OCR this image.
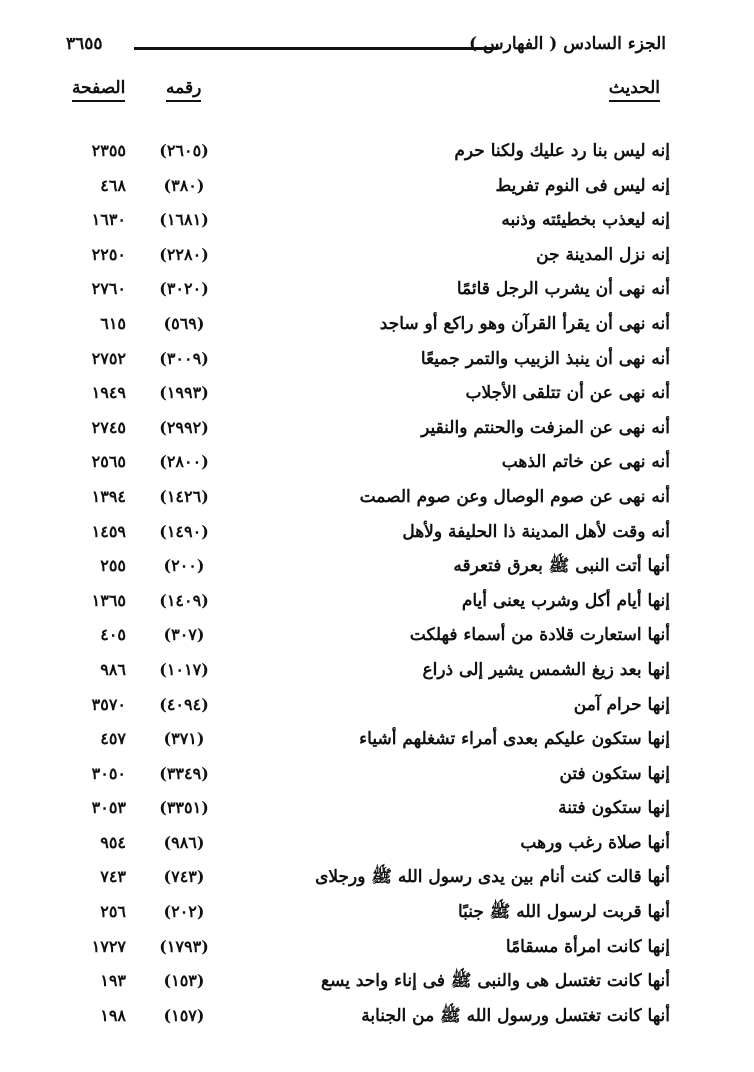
٣٦٥٥	الجزء السادس ( الفهارس )
الحديث
رقمه
الصفحة
إنه ليس بنا رد عليك ولكنا حرم
(٢٦٠٥)
٢٣٥٥
إنه ليس فى النوم تفريط
(٣٨٠)
٤٦٨
إنه ليعذب بخطيئته وذنبه
(١٦٨١)
١٦٣٠
إنه نزل المدينة جن
(٢٢٨٠)
٢٢٥٠
أنه نهى أن يشرب الرجل قائمًا
(٣٠٢٠)
٢٧٦٠
أنه نهى أن يقرأ القرآن وهو راكع أو ساجد
(٥٦٩)
٦١٥
أنه نهى أن ينبذ الزبيب والتمر جميعًا
(٣٠٠٩)
٢٧٥٢
أنه نهى عن أن تتلقى الأجلاب
(١٩٩٣)
١٩٤٩
أنه نهى عن المزفت والحنتم والنقير
(٢٩٩٢)
٢٧٤٥
أنه نهى عن خاتم الذهب
(٢٨٠٠)
٢٥٦٥
أنه نهى عن صوم الوصال وعن صوم الصمت
(١٤٢٦)
١٣٩٤
أنه وقت لأهل المدينة ذا الحليفة ولأهل
(١٤٩٠)
١٤٥٩
أنها أتت النبى ﷺ بعرق فتعرقه
(٢٠٠)
٢٥٥
إنها أيام أكل وشرب يعنى أيام
(١٤٠٩)
١٣٦٥
أنها استعارت قلادة من أسماء فهلكت
(٣٠٧)
٤٠٥
إنها بعد زيغ الشمس يشير إلى ذراع
(١٠١٧)
٩٨٦
إنها حرام آمن
(٤٠٩٤)
٣٥٧٠
إنها ستكون عليكم بعدى أمراء تشغلهم أشياء
(٣٧١)
٤٥٧
إنها ستكون فتن
(٣٣٤٩)
٣٠٥٠
إنها ستكون فتنة
(٣٣٥١)
٣٠٥٣
أنها صلاة رغب ورهب
(٩٨٦)
٩٥٤
أنها قالت كنت أنام بين يدى رسول الله ﷺ ورجلاى
(٧٤٣)
٧٤٣
أنها قربت لرسول الله ﷺ جنبًا
(٢٠٢)
٢٥٦
إنها كانت امرأة مسقامًا
(١٧٩٣)
١٧٢٧
أنها كانت تغتسل هى والنبى ﷺ فى إناء واحد يسع
(١٥٣)
١٩٣
أنها كانت تغتسل ورسول الله ﷺ من الجنابة
(١٥٧)
١٩٨
